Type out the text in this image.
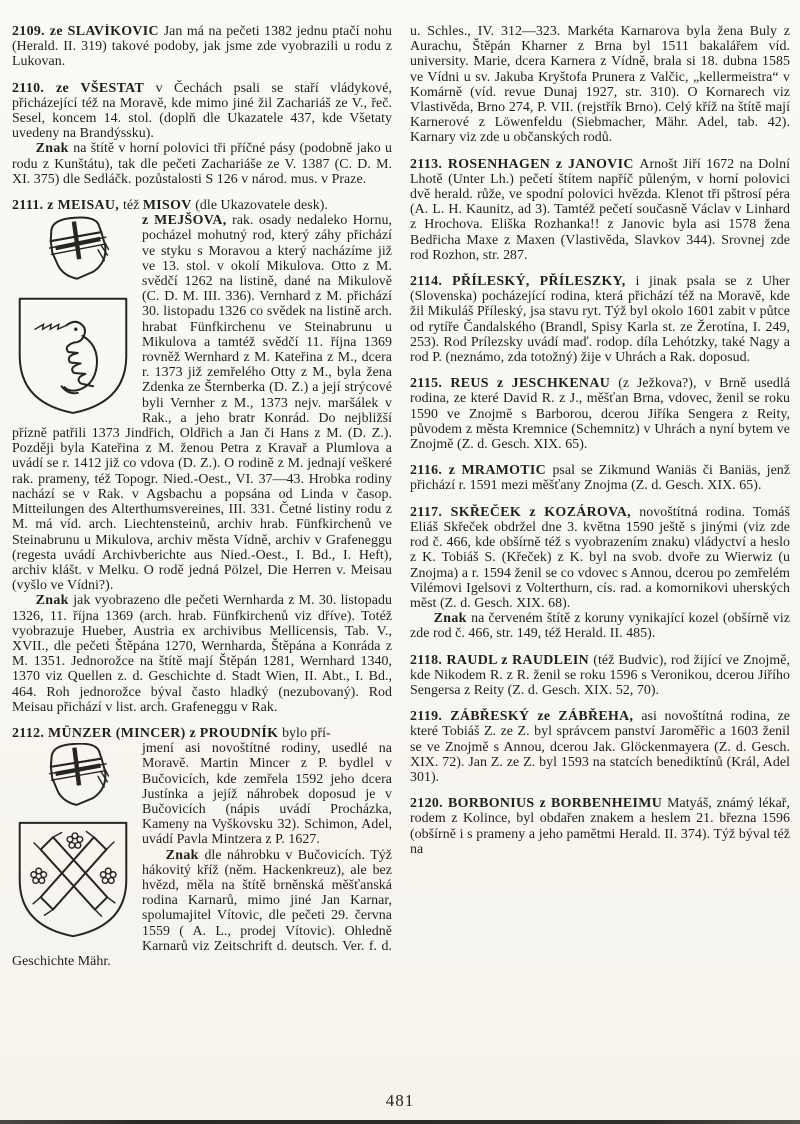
2109. ze SLAVÍKOVIC Jan má na pečeti 1382 jednu ptačí nohu (Herald. II. 319) takové podoby, jak jsme zde vyobrazili u rodu z Lukovan.

2110. ze VŠESTAT v Čechách psali se staří vládykové, přicházející též na Moravě, kde mimo jiné žil Zachariáš ze V., řeč. Sesel, koncem 14. stol. (doplň dle Ukazatele 437, kde Všetaty uvedeny na Brandýssku).

Znak na štítě v horní polovici tři příčné pásy (podobně jako u rodu z Kunštátu), tak dle pečeti Zachariáše ze V. 1387 (C. D. M. XI. 375) dle Sedláčk. pozůstalosti S 126 v národ. mus. v Praze.

2111. z MEISAU, též MISOV (dle Ukazovatele desk).

z MEJŠOVA, rak. osady nedaleko Hornu, pocházel mohutný rod, který záhy přichází ve styku s Moravou a který nacházíme již ve 13. stol. v okolí Mikulova. Otto z M. svědčí 1262 na listině, dané na Mikulově (C. D. M. III. 336). Vernhard z M. přichází 30. listopadu 1326 co svědek na listině arch. hrabat Fünfkirchenu ve Steinabrunu u Mikulova a tamtéž svědčí 11. října 1369 rovněž Wernhard z M. Kateřina z M., dcera r. 1373 již zemřelého Otty z M., byla žena Zdenka ze Šternberka (D. Z.) a její strýcové byli Vernher z M., 1373 nejv. maršálek v Rak., a jeho bratr Konrád. Do nejbližší přízně patřili 1373 Jindřich, Oldřich a Jan či Hans z M. (D. Z.). Později byla Kateřina z M. ženou Petra z Kravař a Plumlova a uvádí se r. 1412 již co vdova (D. Z.). O rodině z M. jednají veškeré rak. prameny, též Topogr. Nied.-Oest., VI. 37—43. Hrobka rodiny nachází se v Rak. v Agsbachu a popsána od Linda v časop. Mitteilungen des Alterthumsvereines, III. 331. Četné listiny rodu z M. má víd. arch. Liechtensteinů, archiv hrab. Fünfkirchenů ve Steinabrunu u Mikulova, archiv města Vídně, archiv v Grafeneggu (regesta uvádí Archivberichte aus Nied.-Oest., I. Bd., I. Heft), archiv klášt. v Melku. O rodě jedná Pölzel, Die Herren v. Meisau (vyšlo ve Vídni?).

Znak jak vyobrazeno dle pečeti Wernharda z M. 30. listopadu 1326, 11. října 1369 (arch. hrab. Fünfkirchenů viz dříve). Totéž vyobrazuje Hueber, Austria ex archivibus Mellicensis, Tab. V., XVII., dle pečeti Štěpána 1270, Wernharda, Štěpána a Konráda z M. 1351. Jednorožce na štítě mají Štěpán 1281, Wernhard 1340, 1370 viz Quellen z. d. Geschichte d. Stadt Wien, II. Abt., I. Bd., 464. Roh jednorožce býval často hladký (nezubovaný). Rod Meisau přichází v list. arch. Grafeneggu v Rak.

2112. MÜNZER (MINCER) z PROUDNÍK bylo pří-

jmení asi novoštítné rodiny, usedlé na Moravě. Martin Mincer z P. bydlel v Bučovicích, kde zemřela 1592 jeho dcera Justínka a jejíž náhrobek doposud je v Bučovicích (nápis uvádí Procházka, Kameny na Vyškovsku 32). Schimon, Adel, uvádí Pavla Mintzera z P. 1627.

Znak dle náhrobku v Bučovicích. Týž hákovitý kříž (něm. Hackenkreuz), ale bez hvězd, měla na štítě brněnská měšťanská rodina Karnarů, mimo jiné Jan Karnar, spolumajitel Vítovic, dle pečeti 29. června 1559 ( A. L., prodej Vítovic). Ohledně Karnarů viz Zeitschrift d. deutsch. Ver. f. d. Geschichte Mähr.

u. Schles., IV. 312—323. Markéta Karnarova byla žena Buly z Aurachu, Štěpán Kharner z Brna byl 1511 bakalářem víd. university. Marie, dcera Karnera z Vídně, brala si 18. dubna 1585 ve Vídni u sv. Jakuba Kryštofa Prunera z Valčic, „kellermeistra“ v Komárně (víd. revue Dunaj 1927, str. 310). O Kornarech viz Vlastivěda, Brno 274, P. VII. (rejstřík Brno). Celý kříž na štítě mají Karnerové z Löwenfeldu (Siebmacher, Mähr. Adel, tab. 42). Karnary viz zde u občanských rodů.

2113. ROSENHAGEN z JANOVIC Arnošt Jiří 1672 na Dolní Lhotě (Unter Lh.) pečetí štítem napříč půleným, v horní polovici dvě herald. růže, ve spodní polovici hvězda. Klenot tři pštrosí péra (A. L. H. Kaunitz, ad 3). Tamtéž pečetí současně Václav v Linhard z Hrochova. Eliška Rozhanka!! z Janovic byla asi 1578 žena Bedřicha Maxe z Maxen (Vlastivěda, Slavkov 344). Srovnej zde rod Rozhon, str. 287.

2114. PŘÍLESKÝ, PŘÍLESZKY, i jinak psala se z Uher (Slovenska) pocházející rodina, která přichází též na Moravě, kde žil Mikuláš Příleský, jsa stavu ryt. Týž byl okolo 1601 zabit v půtce od rytíře Čandalského (Brandl, Spisy Karla st. ze Žerotína, I. 249, 253). Rod Prílezsky uvádí maď. rodop. díla Lehótzky, také Nagy a rod P. (neznámo, zda totožný) žije v Uhrách a Rak. doposud.

2115. REUS z JESCHKENAU (z Ježkova?), v Brně usedlá rodina, ze které David R. z J., měšťan Brna, vdovec, ženil se roku 1590 ve Znojmě s Barborou, dcerou Jiříka Sengera z Reity, původem z města Kremnice (Schemnitz) v Uhrách a nyní bytem ve Znojmě (Z. d. Gesch. XIX. 65).

2116. z MRAMOTIC psal se Zikmund Waniäs či Baniäs, jenž přichází r. 1591 mezi měšťany Znojma (Z. d. Gesch. XIX. 65).

2117. SKŘEČEK z KOZÁROVA, novoštítná rodina. Tomáš Eliáš Skřeček obdržel dne 3. května 1590 ještě s jinými (viz zde rod č. 466, kde obšírně též s vyobrazením znaku) vládyctví a heslo z K. Tobiáš S. (Křeček) z K. byl na svob. dvoře zu Wierwiz (u Znojma) a r. 1594 ženil se co vdovec s Annou, dcerou po zemřelém Vilémovi Igelsovi z Volterthurn, cís. rad. a komornikovi uherských měst (Z. d. Gesch. XIX. 68).

Znak na červeném štítě z koruny vynikající kozel (obšírně viz zde rod č. 466, str. 149, též Herald. II. 485).

2118. RAUDL z RAUDLEIN (též Budvic), rod žijící ve Znojmě, kde Nikodem R. z R. ženil se roku 1596 s Veronikou, dcerou Jiřího Sengersa z Reity (Z. d. Gesch. XIX. 52, 70).

2119. ZÁBŘESKÝ ze ZÁBŘEHA, asi novoštítná rodina, ze které Tobiáš Z. ze Z. byl správcem panství Jaroměřic a 1603 ženil se ve Znojmě s Annou, dcerou Jak. Glöckenmayera (Z. d. Gesch. XIX. 72). Jan Z. ze Z. byl 1593 na statcích benediktínů (Král, Adel 301).

2120. BORBONIUS z BORBENHEIMU Matyáš, známý lékař, rodem z Kolince, byl obdařen znakem a heslem 21. března 1596 (obšírně i s prameny a jeho pamětmi Herald. II. 374). Týž býval též na

481
